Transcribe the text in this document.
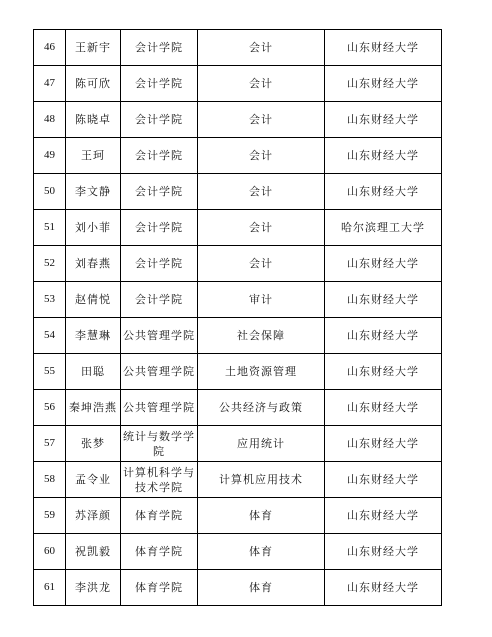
46	王新宇	会计学院	会计	山东财经大学
47	陈可欣	会计学院	会计	山东财经大学
48	陈晓卓	会计学院	会计	山东财经大学
49	王珂	会计学院	会计	山东财经大学
50	李文静	会计学院	会计	山东财经大学
51	刘小菲	会计学院	会计	哈尔滨理工大学
52	刘春燕	会计学院	会计	山东财经大学
53	赵倩悦	会计学院	审计	山东财经大学
54	李慧琳	公共管理学院	社会保障	山东财经大学
55	田聪	公共管理学院	土地资源管理	山东财经大学
56	秦坤浩燕	公共管理学院	公共经济与政策	山东财经大学
57	张梦	统计与数学学院	应用统计	山东财经大学
58	孟令业	计算机科学与技术学院	计算机应用技术	山东财经大学
59	苏泽颜	体育学院	体育	山东财经大学
60	祝凯毅	体育学院	体育	山东财经大学
61	李洪龙	体育学院	体育	山东财经大学
